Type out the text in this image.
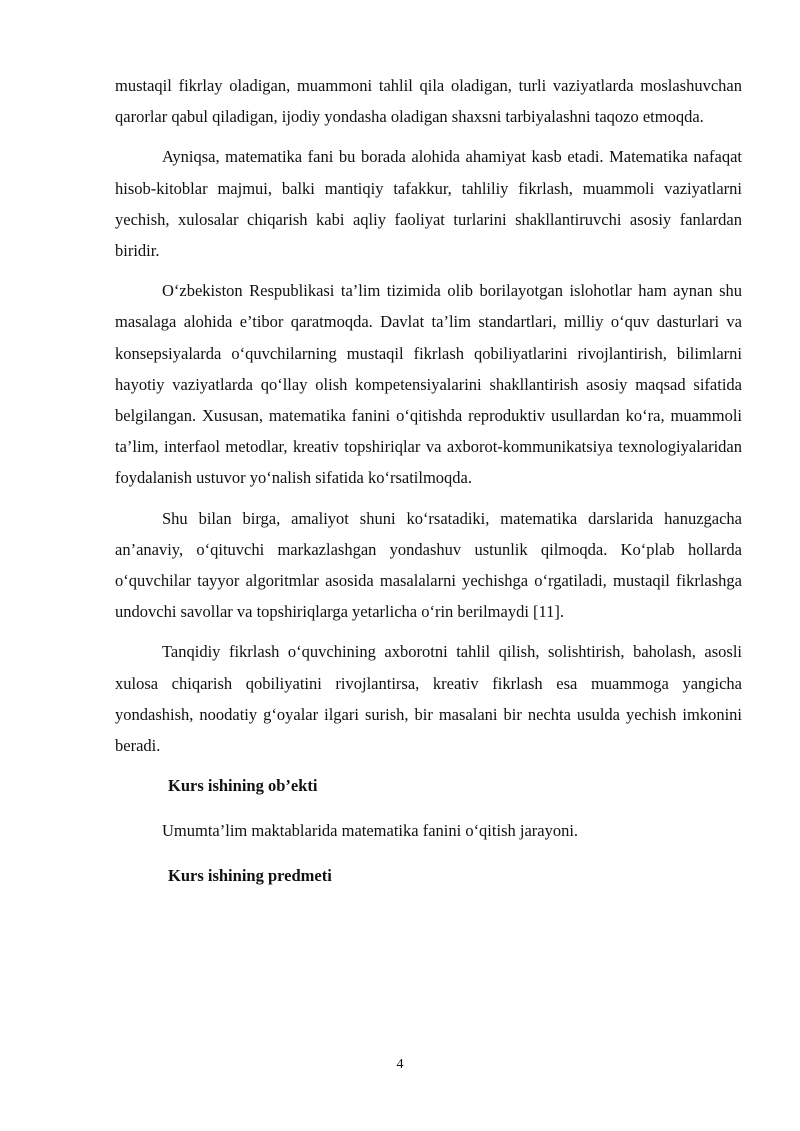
mustaqil fikrlay oladigan, muammoni tahlil qila oladigan, turli vaziyatlarda moslashuvchan qarorlar qabul qiladigan, ijodiy yondasha oladigan shaxsni tarbiyalashni taqozo etmoqda.

Ayniqsa, matematika fani bu borada alohida ahamiyat kasb etadi. Matematika nafaqat hisob-kitoblar majmui, balki mantiqiy tafakkur, tahliliy fikrlash, muammoli vaziyatlarni yechish, xulosalar chiqarish kabi aqliy faoliyat turlarini shakllantiruvchi asosiy fanlardan biridir.

O‘zbekiston Respublikasi ta’lim tizimida olib borilayotgan islohotlar ham aynan shu masalaga alohida e’tibor qaratmoqda. Davlat ta’lim standartlari, milliy o‘quv dasturlari va konsepsiyalarda o‘quvchilarning mustaqil fikrlash qobiliyatlarini rivojlantirish, bilimlarni hayotiy vaziyatlarda qo‘llay olish kompetensiyalarini shakllantirish asosiy maqsad sifatida belgilangan. Xususan, matematika fanini o‘qitishda reproduktiv usullardan ko‘ra, muammoli ta’lim, interfaol metodlar, kreativ topshiriqlar va axborot-kommunikatsiya texnologiyalaridan foydalanish ustuvor yo‘nalish sifatida ko‘rsatilmoqda.

Shu bilan birga, amaliyot shuni ko‘rsatadiki, matematika darslarida hanuzgacha an’anaviy, o‘qituvchi markazlashgan yondashuv ustunlik qilmoqda. Ko‘plab hollarda o‘quvchilar tayyor algoritmlar asosida masalalarni yechishga o‘rgatiladi, mustaqil fikrlashga undovchi savollar va topshiriqlarga yetarlicha o‘rin berilmaydi [11].

Tanqidiy fikrlash o‘quvchining axborotni tahlil qilish, solishtirish, baholash, asosli xulosa chiqarish qobiliyatini rivojlantirsa, kreativ fikrlash esa muammoga yangicha yondashish, noodatiy g‘oyalar ilgari surish, bir masalani bir nechta usulda yechish imkonini beradi.

Kurs ishining ob’ekti
Umumta’lim maktablarida matematika fanini o‘qitish jarayoni.
Kurs ishining predmeti
4
